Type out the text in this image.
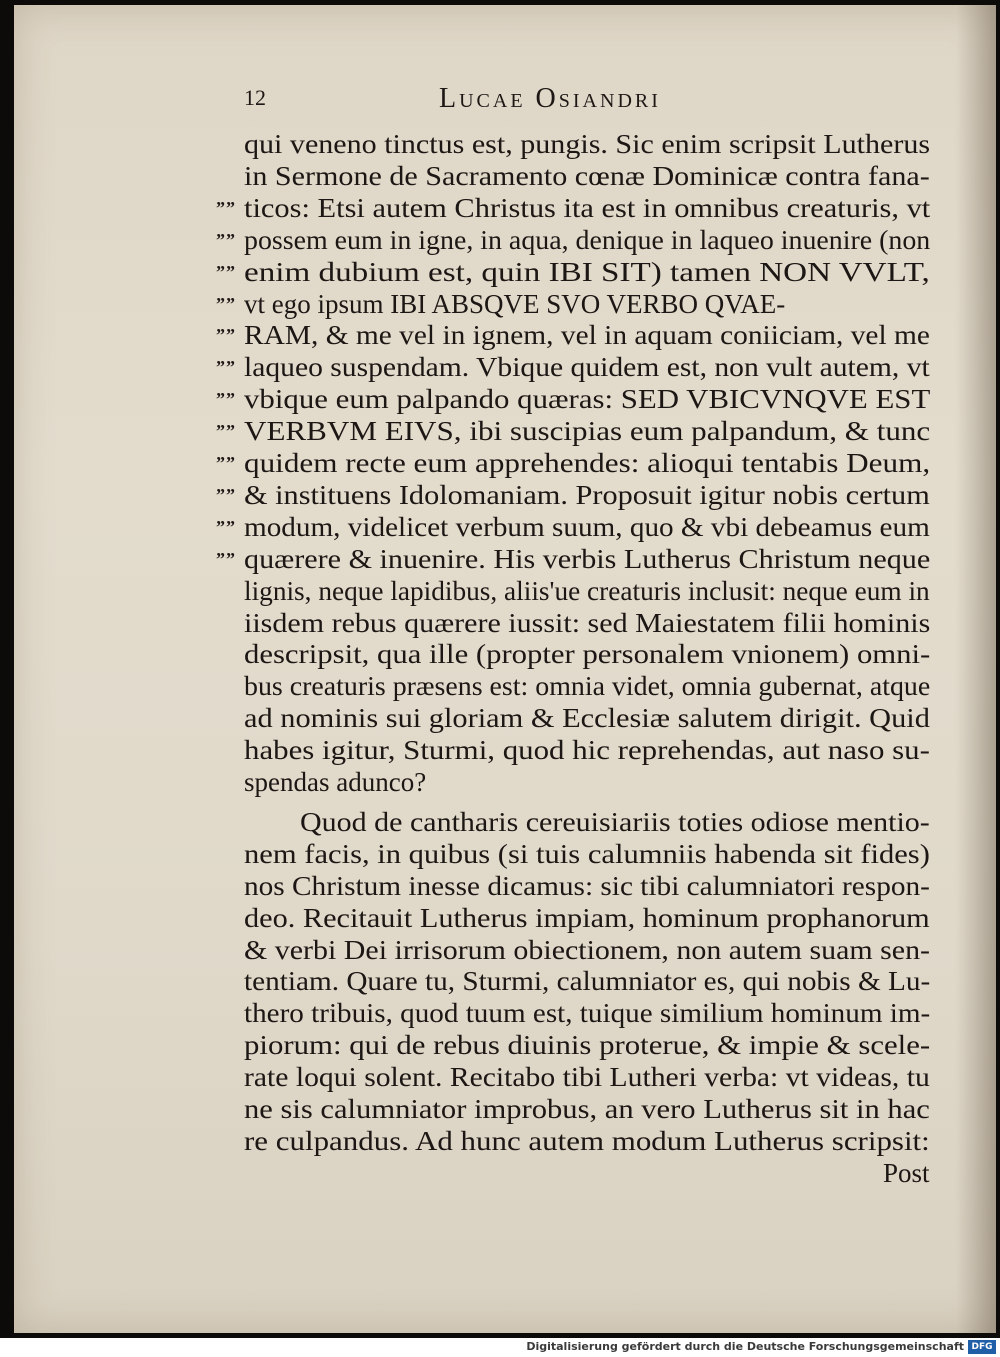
12	Lucae Osiandri
qui veneno tinctus est, pungis. Sic enim scripsit Lutherus
in Sermone de Sacramento cœnæ Dominicæ contra fana-
”” ticos: Etsi autem Christus ita est in omnibus creaturis, vt
”” possem eum in igne, in aqua, denique in laqueo inuenire (non
”” enim dubium est, quin IBI SIT) tamen NON VVLT,
”” vt ego ipsum IBI ABSQVE SVO VERBO QVAE-
”” RAM, & me vel in ignem, vel in aquam coniiciam, vel me
”” laqueo suspendam. Vbique quidem est, non vult autem, vt
”” vbique eum palpando quæras: SED VBICVNQVE EST
”” VERBVM EIVS, ibi suscipias eum palpandum, & tunc
”” quidem recte eum apprehendes: alioqui tentabis Deum,
”” & instituens Idolomaniam. Proposuit igitur nobis certum
”” modum, videlicet verbum suum, quo & vbi debeamus eum
”” quærere & inuenire. His verbis Lutherus Christum neque
lignis, neque lapidibus, aliis'ue creaturis inclusit: neque eum in
iisdem rebus quærere iussit: sed Maiestatem filii hominis
descripsit, qua ille (propter personalem vnionem) omni-
bus creaturis præsens est: omnia videt, omnia gubernat, atque
ad nominis sui gloriam & Ecclesiæ salutem dirigit. Quid
habes igitur, Sturmi, quod hic reprehendas, aut naso su-
spendas adunco?
Quod de cantharis cereuisiariis toties odiose mentio-
nem facis, in quibus (si tuis calumniis habenda sit fides)
nos Christum inesse dicamus: sic tibi calumniatori respon-
deo. Recitauit Lutherus impiam, hominum prophanorum
& verbi Dei irrisorum obiectionem, non autem suam sen-
tentiam. Quare tu, Sturmi, calumniator es, qui nobis & Lu-
thero tribuis, quod tuum est, tuique similium hominum im-
piorum: qui de rebus diuinis proterue, & impie & scele-
rate loqui solent. Recitabo tibi Lutheri verba: vt videas, tu
ne sis calumniator improbus, an vero Lutherus sit in hac
re culpandus. Ad hunc autem modum Lutherus scripsit:
Post
Digitalisierung gefördert durch die Deutsche Forschungsgemeinschaft DFG
